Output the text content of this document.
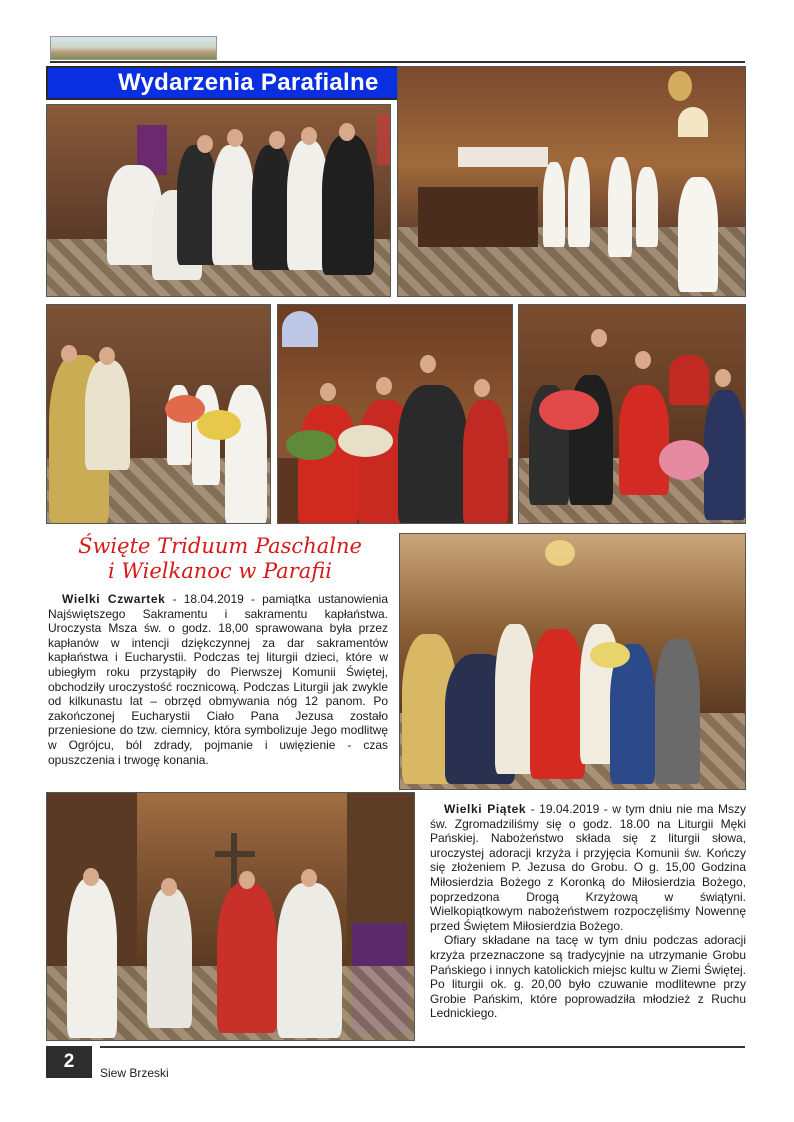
Wydarzenia Parafialne
Święte Triduum Paschalne
i Wielkanoc w Parafii
Wielki Czwartek - 18.04.2019 - pamiątka ustanowienia Najświętszego Sakramentu i sakramentu kapłaństwa. Uroczysta Msza św. o godz. 18,00 sprawowana była przez kapłanów w intencji dziękczynnej za dar sakramentów kapłaństwa i Eucharystii. Podczas tej liturgii dzieci, które w ubiegłym roku przystąpiły do Pierwszej Komunii Świętej, obchodziły uroczystość rocznicową. Podczas Liturgii jak zwykle od kilkunastu lat – obrzęd obmywania nóg 12 panom. Po zakończonej Eucharystii Ciało Pana Jezusa zostało przeniesione do tzw. ciemnicy, która symbolizuje Jego modlitwę w Ogrójcu, ból zdrady, pojmanie i uwięzienie - czas opuszczenia i trwogę konania.
Wielki Piątek - 19.04.2019 - w tym dniu nie ma Mszy św. Zgromadziliśmy się o godz. 18.00 na Liturgii Męki Pańskiej. Nabożeństwo składa się z liturgii słowa, uroczystej adoracji krzyża i przyjęcia Komunii św. Kończy się złożeniem P. Jezusa do Grobu. O g. 15,00 Godzina Miłosierdzia Bożego z Koronką do Miłosierdzia Bożego, poprzedzona Drogą Krzyżową w świątyni. Wielkopiątkowym nabożeństwem rozpoczęliśmy Nowennę przed Świętem Miłosierdzia Bożego.
Ofiary składane na tacę w tym dniu podczas adoracji krzyża przeznaczone są tradycyjnie na utrzymanie Grobu Pańskiego i innych katolickich miejsc kultu w Ziemi Świętej. Po liturgii ok. g. 20,00 było czuwanie modlitewne przy Grobie Pańskim, które poprowadziła młodzież z Ruchu Lednickiego.
2
Siew Brzeski
